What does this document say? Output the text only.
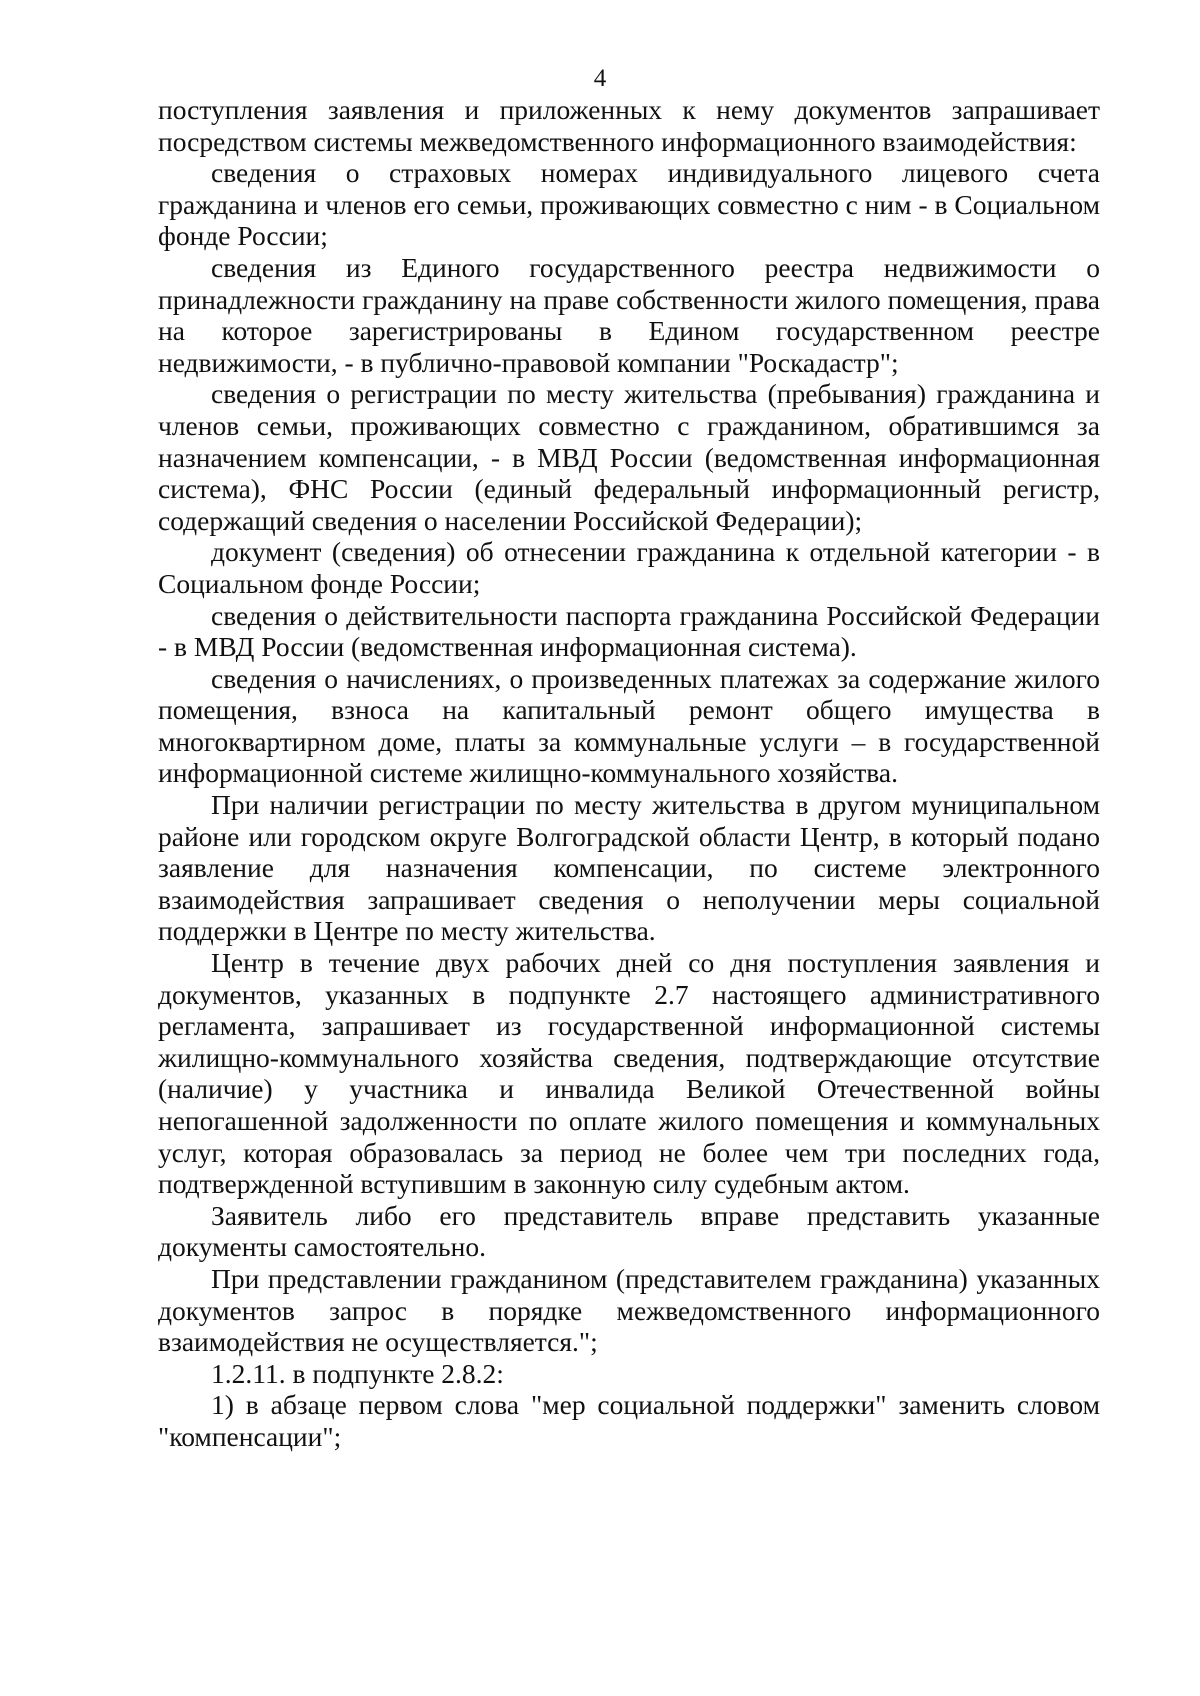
4

поступления заявления и приложенных к нему документов запрашивает посредством системы межведомственного информационного взаимодействия:

сведения о страховых номерах индивидуального лицевого счета гражданина и членов его семьи, проживающих совместно с ним - в Социальном фонде России;

сведения из Единого государственного реестра недвижимости о принадлежности гражданину на праве собственности жилого помещения, права на которое зарегистрированы в Едином государственном реестре недвижимости, - в публично-правовой компании "Роскадастр";

сведения о регистрации по месту жительства (пребывания) гражданина и членов семьи, проживающих совместно с гражданином, обратившимся за назначением компенсации, - в МВД России (ведомственная информационная система), ФНС России (единый федеральный информационный регистр, содержащий сведения о населении Российской Федерации);

документ (сведения) об отнесении гражданина к отдельной категории - в Социальном фонде России;

сведения о действительности паспорта гражданина Российской Федерации - в МВД России (ведомственная информационная система).

сведения о начислениях, о произведенных платежах за содержание жилого помещения, взноса на капитальный ремонт общего имущества в многоквартирном доме, платы за коммунальные услуги – в государственной информационной системе жилищно-коммунального хозяйства.

При наличии регистрации по месту жительства в другом муниципальном районе или городском округе Волгоградской области Центр, в который подано заявление для назначения компенсации, по системе электронного взаимодействия запрашивает сведения о неполучении меры социальной поддержки в Центре по месту жительства.

Центр в течение двух рабочих дней со дня поступления заявления и документов, указанных в подпункте 2.7 настоящего административного регламента, запрашивает из государственной информационной системы жилищно-коммунального хозяйства сведения, подтверждающие отсутствие (наличие) у участника и инвалида Великой Отечественной войны непогашенной задолженности по оплате жилого помещения и коммунальных услуг, которая образовалась за период не более чем три последних года, подтвержденной вступившим в законную силу судебным актом.

Заявитель либо его представитель вправе представить указанные документы самостоятельно.

При представлении гражданином (представителем гражданина) указанных документов запрос в порядке межведомственного информационного взаимодействия не осуществляется.";

1.2.11. в подпункте 2.8.2:

1) в абзаце первом слова "мер социальной поддержки" заменить словом "компенсации";
